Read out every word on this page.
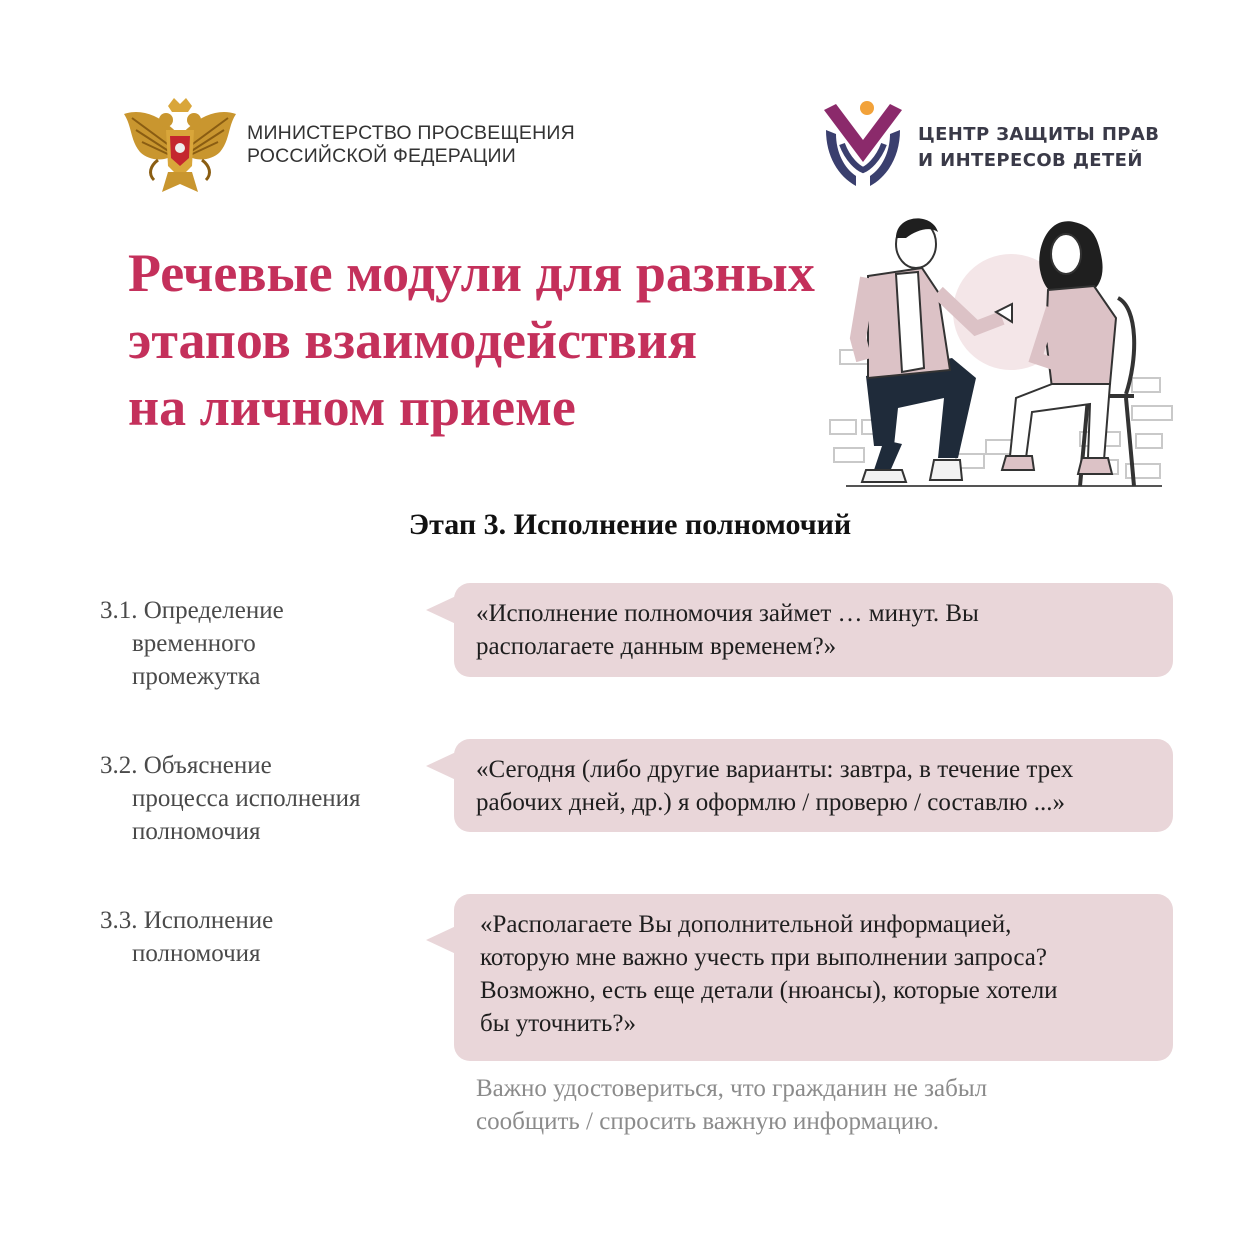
МИНИСТЕРСТВО ПРОСВЕЩЕНИЯ
РОССИЙСКОЙ ФЕДЕРАЦИИ
ЦЕНТР ЗАЩИТЫ ПРАВ
И ИНТЕРЕСОВ ДЕТЕЙ
Речевые модули для разных
этапов взаимодействия
на личном приеме
Этап 3. Исполнение полномочий
3.1. Определение
временного
промежутка
«Исполнение полномочия займет … минут. Вы
располагаете данным временем?»
3.2. Объяснение
процесса исполнения
полномочия
«Сегодня (либо другие варианты: завтра, в течение трех
рабочих дней, др.) я оформлю / проверю / составлю ...»
3.3. Исполнение
полномочия
«Располагаете Вы дополнительной информацией,
которую мне важно учесть при выполнении запроса?
Возможно, есть еще детали (нюансы), которые хотели
бы уточнить?»
Важно удостовериться, что гражданин не забыл
сообщить / спросить важную информацию.
